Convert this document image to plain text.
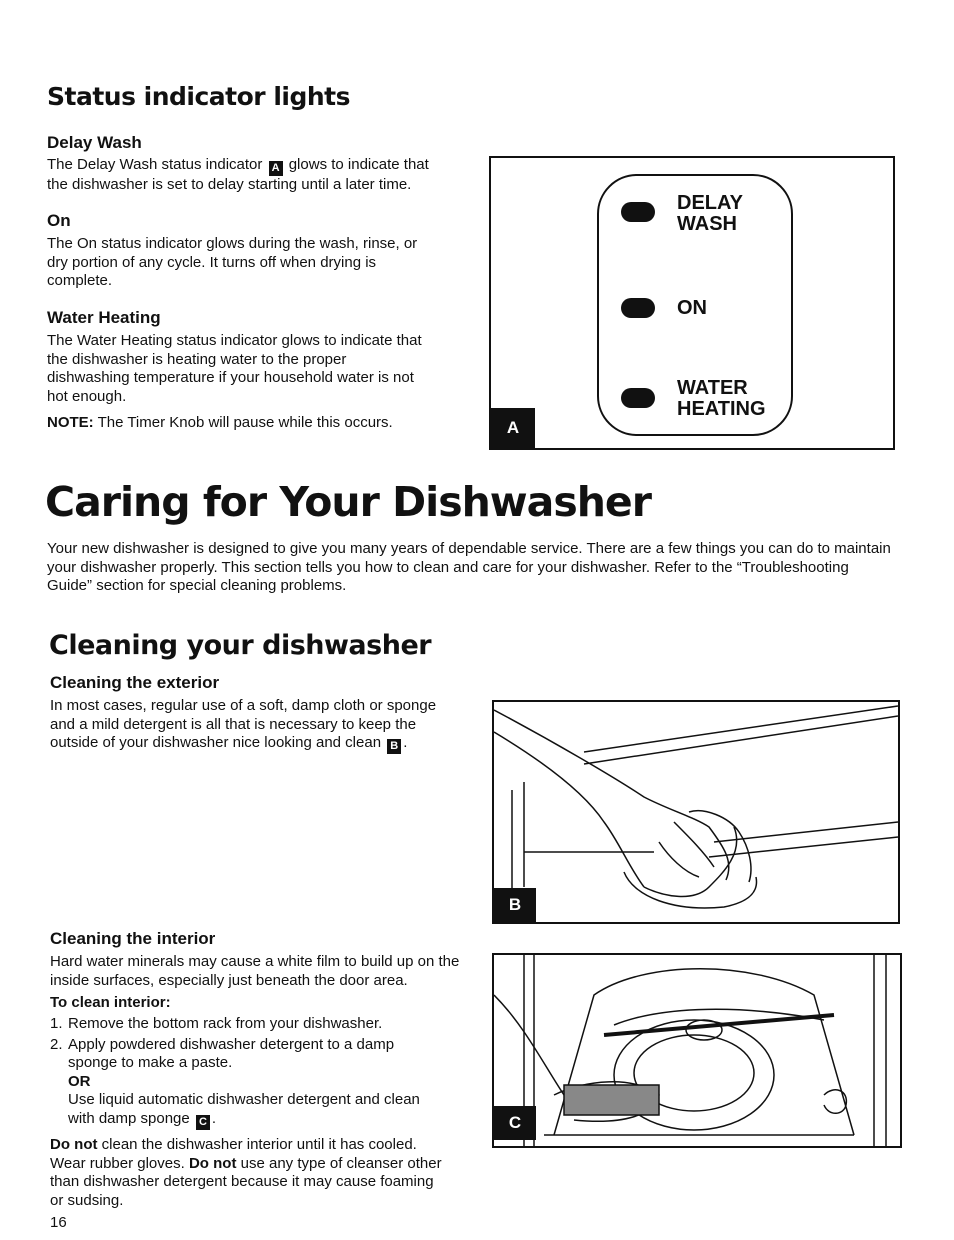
Status indicator lights
Delay Wash
The Delay Wash status indicator A glows to indicate that
the dishwasher is set to delay starting until a later time.
On
The On status indicator glows during the wash, rinse, or dry portion of any cycle. It turns off when drying is complete.
Water Heating
The Water Heating status indicator glows to indicate that the dishwasher is heating water to the proper dishwashing temperature if your household water is not hot enough.
NOTE: The Timer Knob will pause while this occurs.
DELAY
WASH
ON
WATER
HEATING
A
Caring for Your Dishwasher
Your new dishwasher is designed to give you many years of dependable service. There are a few things you can do to maintain your dishwasher properly. This section tells you how to clean and care for your dishwasher. Refer to the “Troubleshooting Guide” section for special cleaning problems.
Cleaning your dishwasher
Cleaning the exterior
In most cases, regular use of a soft, damp cloth or sponge and a mild detergent is all that is necessary to keep the outside of your dishwasher nice looking and clean B .
B
Cleaning the interior
Hard water minerals may cause a white film to build up on the inside surfaces, especially just beneath the door area.
To clean interior:
1. Remove the bottom rack from your dishwasher.
2. Apply powdered dishwasher detergent to a damp sponge to make a paste.
OR
Use liquid automatic dishwasher detergent and clean with damp sponge C .
Do not clean the dishwasher interior until it has cooled. Wear rubber gloves. Do not use any type of cleanser other than dishwasher detergent because it may cause foaming or sudsing.
C
16
